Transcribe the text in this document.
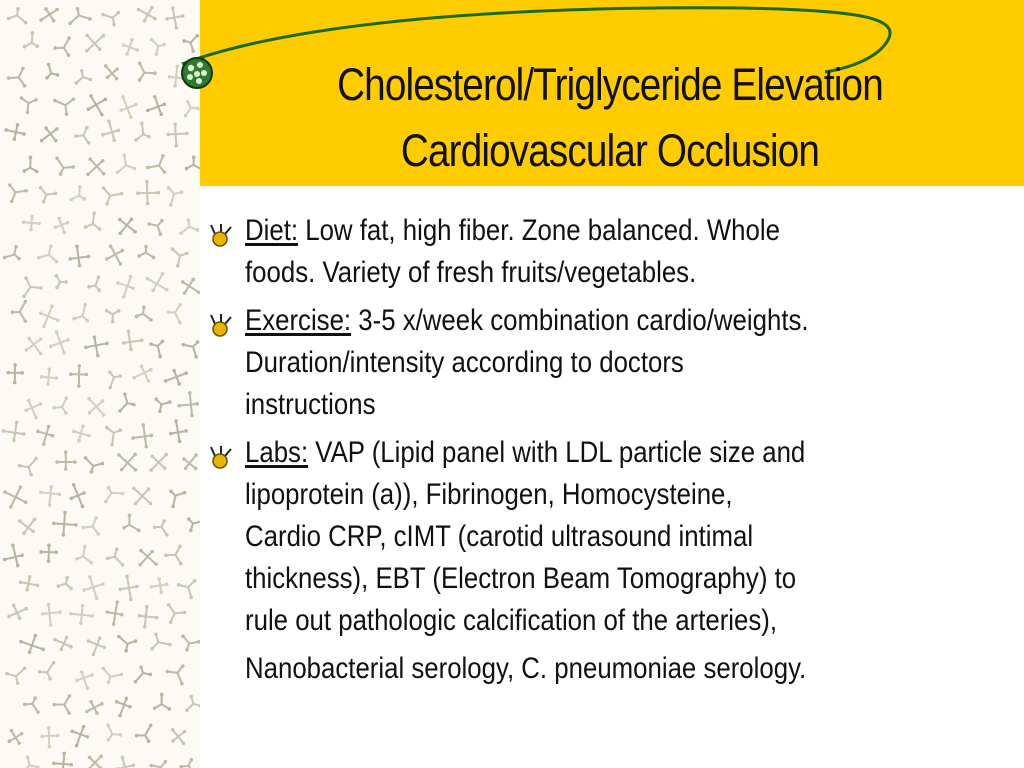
Cholesterol/Triglyceride Elevation
Cardiovascular Occlusion
Diet: Low fat, high fiber. Zone balanced. Whole
foods. Variety of fresh fruits/vegetables.
Exercise: 3-5 x/week combination cardio/weights.
Duration/intensity according to doctors
instructions
Labs: VAP (Lipid panel with LDL particle size and
lipoprotein (a)), Fibrinogen, Homocysteine,
Cardio CRP, cIMT (carotid ultrasound intimal
thickness), EBT (Electron Beam Tomography) to
rule out pathologic calcification of the arteries),
Nanobacterial serology, C. pneumoniae serology.
